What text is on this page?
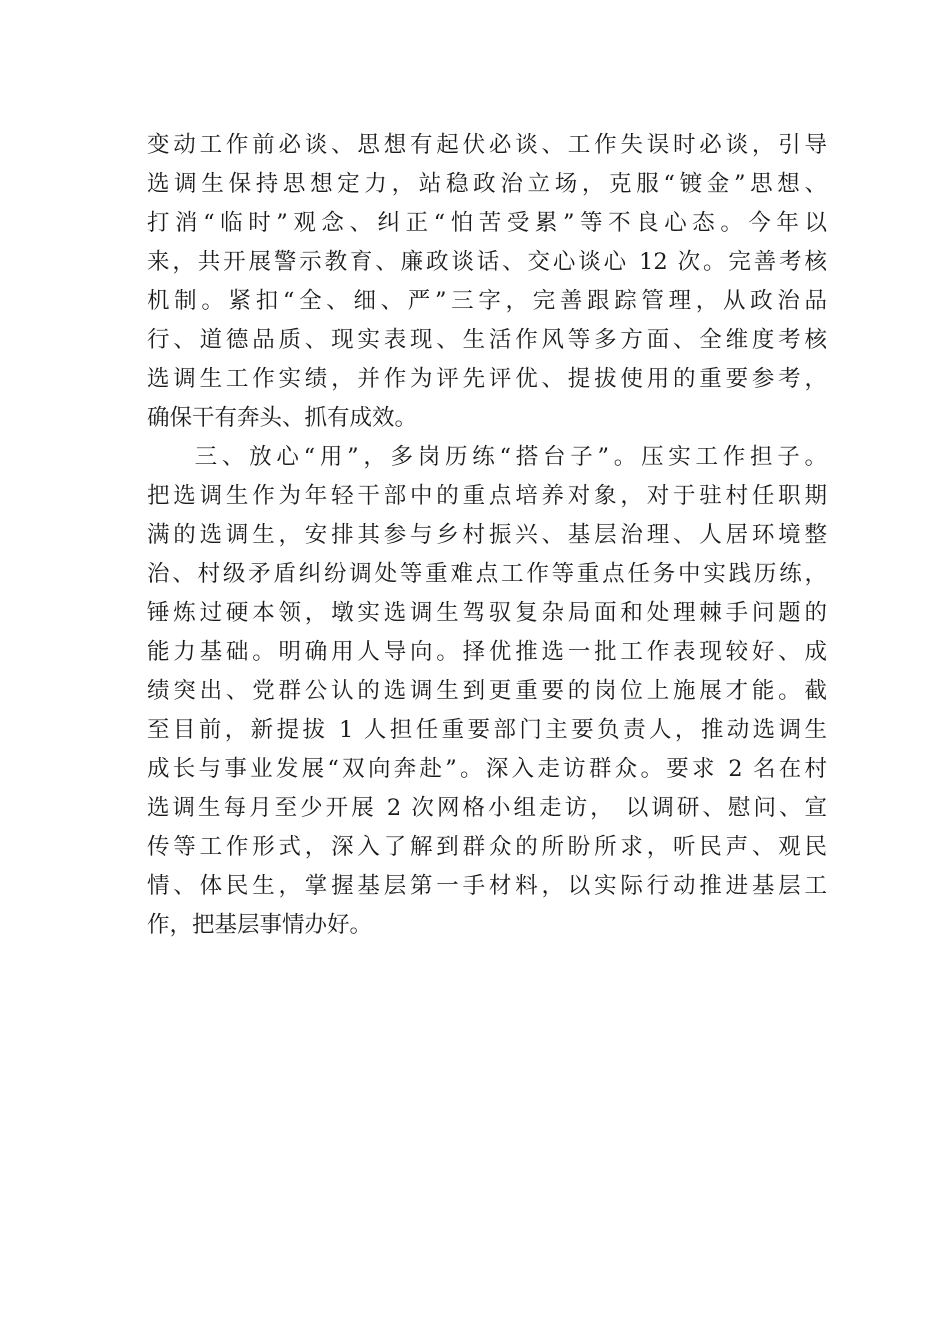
变动工作前必谈、思想有起伏必谈、工作失误时必谈，引导
选调生保持思想定力，站稳政治立场，克服“镀金”思想、
打消“临时”观念、纠正“怕苦受累”等不良心态。今年以
来，共开展警示教育、廉政谈话、交心谈心 12 次。完善考核
机制。紧扣“全、细、严”三字，完善跟踪管理，从政治品
行、道德品质、现实表现、生活作风等多方面、全维度考核
选调生工作实绩，并作为评先评优、提拔使用的重要参考，
确保干有奔头、抓有成效。
三、放心“用”，多岗历练“搭台子”。压实工作担子。
把选调生作为年轻干部中的重点培养对象，对于驻村任职期
满的选调生，安排其参与乡村振兴、基层治理、人居环境整
治、村级矛盾纠纷调处等重难点工作等重点任务中实践历练，
锤炼过硬本领，墩实选调生驾驭复杂局面和处理棘手问题的
能力基础。明确用人导向。择优推选一批工作表现较好、成
绩突出、党群公认的选调生到更重要的岗位上施展才能。截
至目前，新提拔 1 人担任重要部门主要负责人，推动选调生
成长与事业发展“双向奔赴”。深入走访群众。要求 2 名在村
选调生每月至少开展 2 次网格小组走访， 以调研、慰问、宣
传等工作形式，深入了解到群众的所盼所求，听民声、观民
情、体民生，掌握基层第一手材料，以实际行动推进基层工
作，把基层事情办好。
